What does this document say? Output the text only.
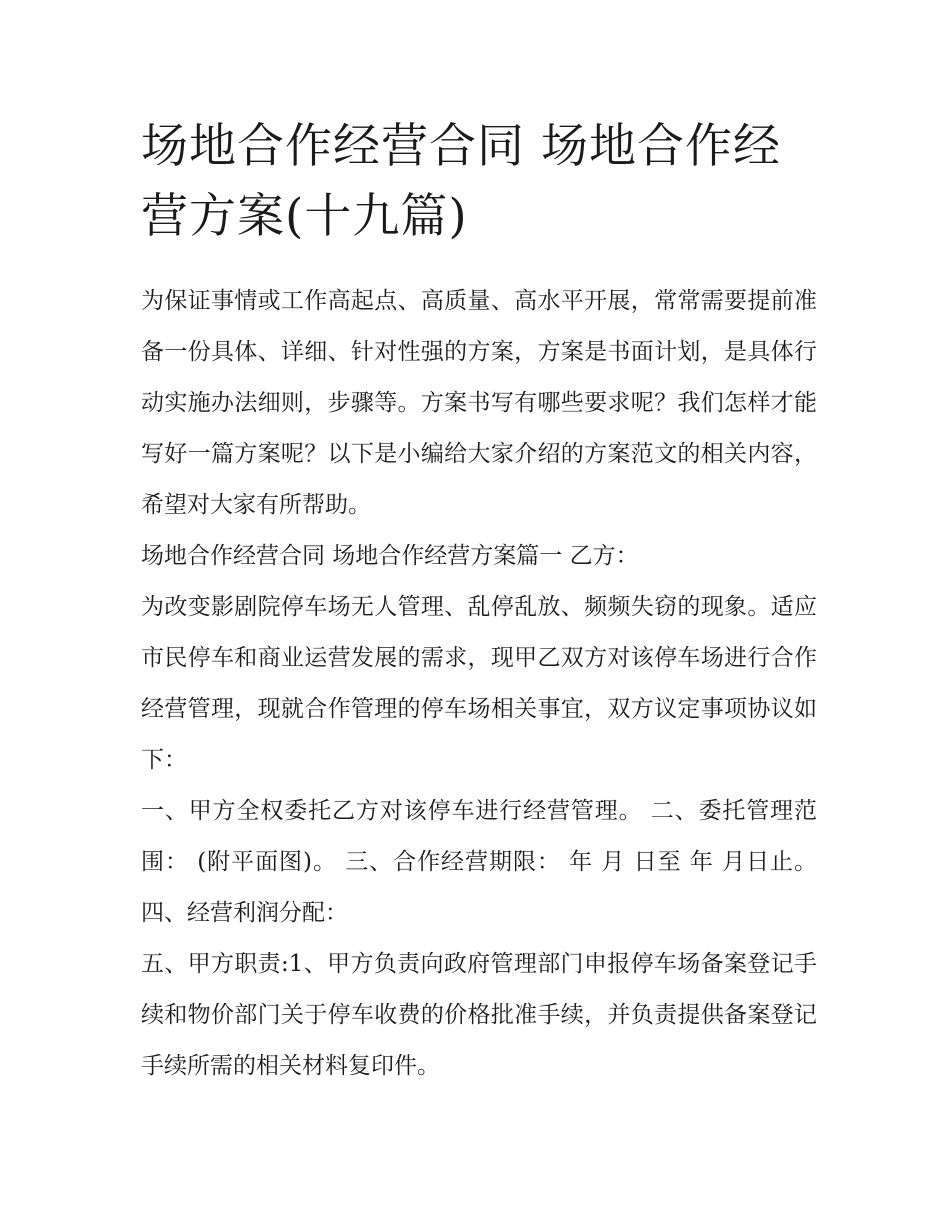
场地合作经营合同 场地合作经营方案(十九篇)

为保证事情或工作高起点、高质量、高水平开展，常常需要提前准备一份具体、详细、针对性强的方案，方案是书面计划，是具体行动实施办法细则，步骤等。方案书写有哪些要求呢？我们怎样才能写好一篇方案呢？以下是小编给大家介绍的方案范文的相关内容，希望对大家有所帮助。

场地合作经营合同 场地合作经营方案篇一 乙方：

为改变影剧院停车场无人管理、乱停乱放、频频失窃的现象。适应市民停车和商业运营发展的需求，现甲乙双方对该停车场进行合作经营管理，现就合作管理的停车场相关事宜，双方议定事项协议如下：

一、甲方全权委托乙方对该停车进行经营管理。 二、委托管理范围： (附平面图)。 三、合作经营期限： 年 月 日至 年 月日止。 四、经营利润分配：

五、甲方职责:1、甲方负责向政府管理部门申报停车场备案登记手续和物价部门关于停车收费的价格批准手续，并负责提供备案登记手续所需的相关材料复印件。
